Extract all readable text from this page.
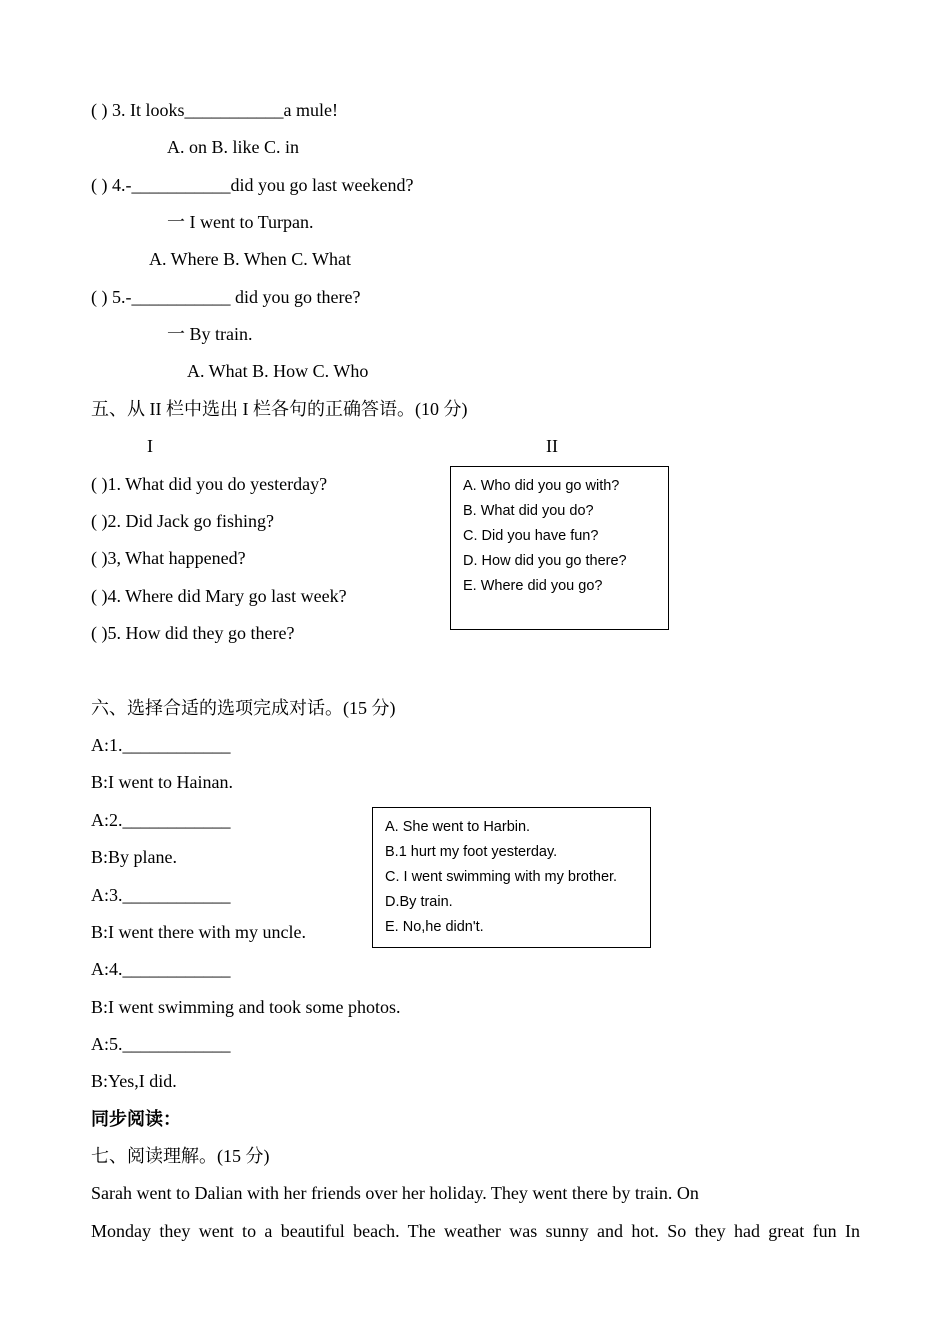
( ) 3. It looks___________a mule!
A. on B. like C. in
( ) 4.-___________did you go last weekend?
一 I went to Turpan.
A. Where B. When C. What
( ) 5.-___________ did you go there?
一 By train.
A. What B. How C. Who
五、从 II 栏中选出 I 栏各句的正确答语。(10 分)
I	II
( )1. What did you do yesterday?
( )2. Did Jack go fishing?
( )3, What happened?
( )4. Where did Mary go last week?
( )5. How did they go there?
A. Who did you go with?
B. What did you do?
C. Did you have fun?
D. How did you go there?
E. Where did you go?
六、选择合适的选项完成对话。(15 分)
A:1.____________
B:I went to Hainan.
A:2.____________
B:By plane.
A:3.____________
B:I went there with my uncle.
A:4.____________
B:I went swimming and took some photos.
A:5.____________
B:Yes,I did.
A. She went to Harbin.
B.1 hurt my foot yesterday.
C. I went swimming with my brother.
D.By train.
E. No,he didn't.
同步阅读：
七、阅读理解。(15 分)
Sarah went to Dalian with her friends over her holiday. They went there by train. On
Monday they went to a beautiful beach. The weather was sunny and hot. So they had great fun In
